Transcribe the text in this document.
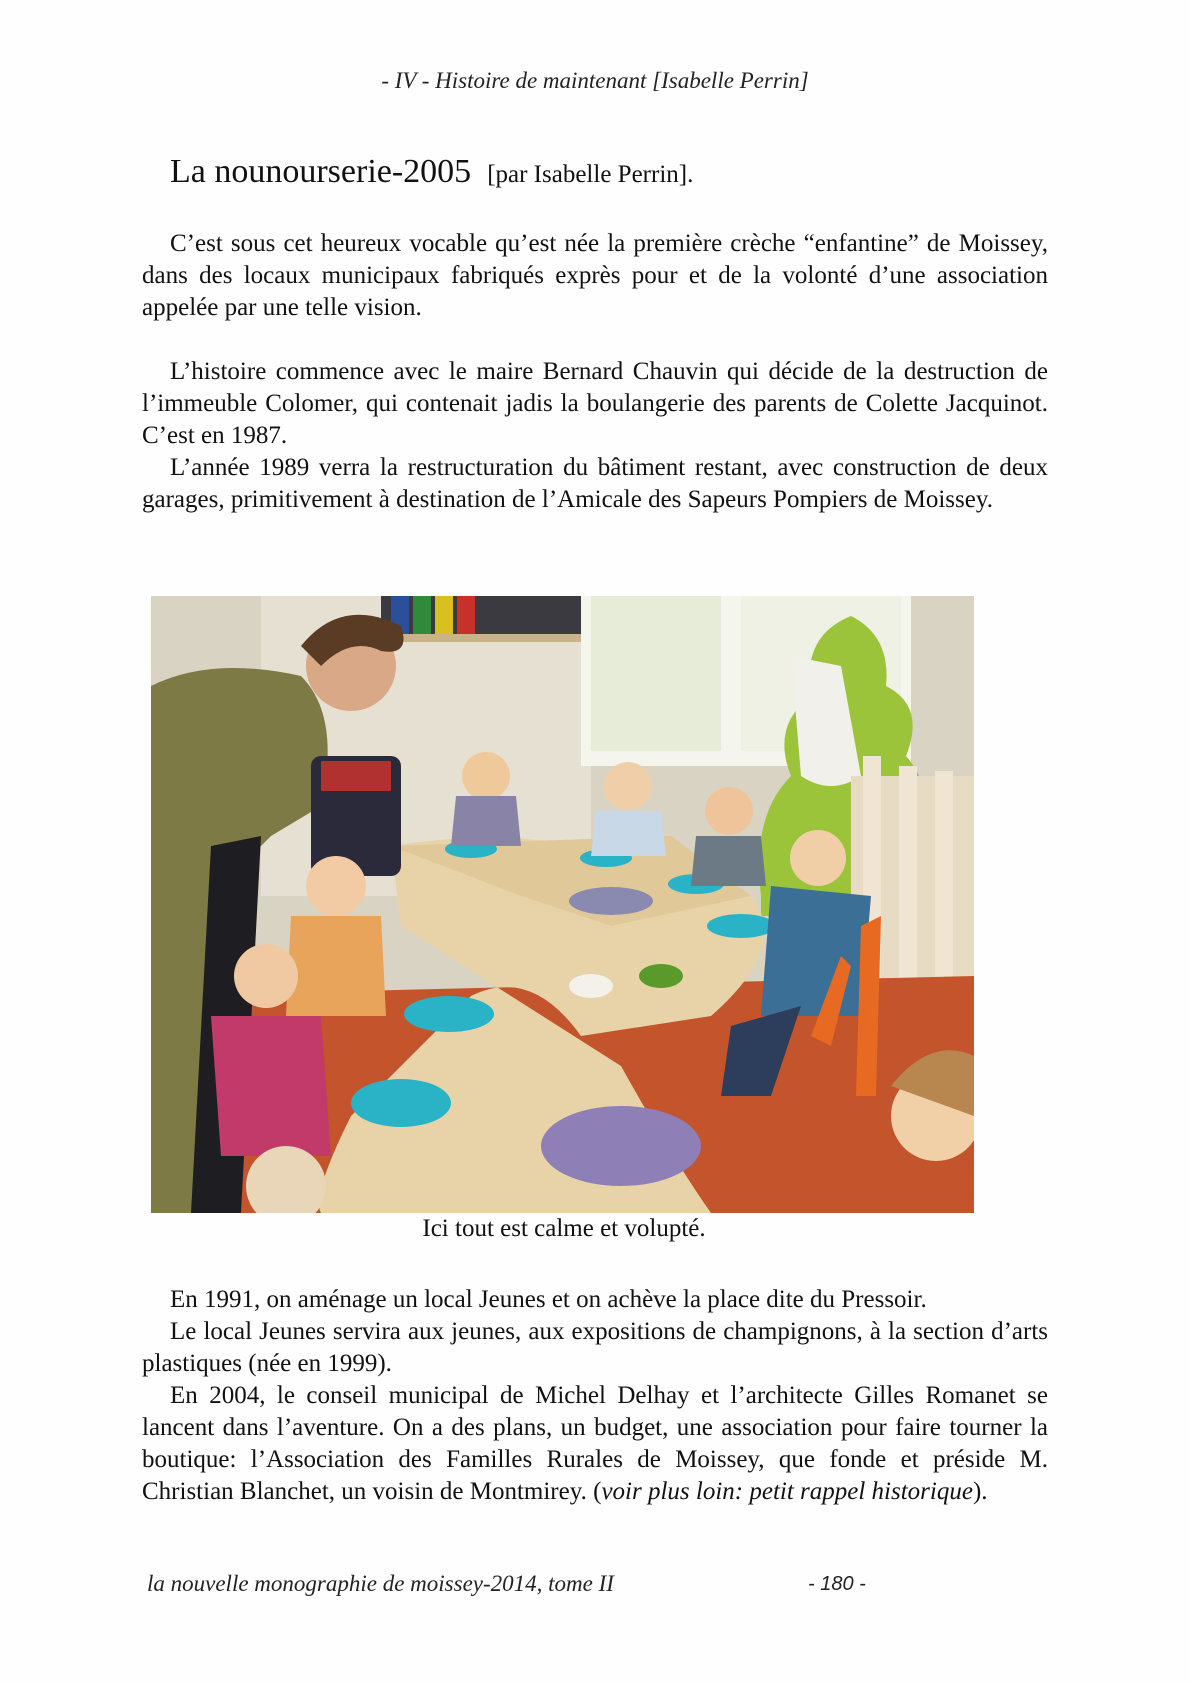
- IV - Histoire de maintenant [Isabelle Perrin]
La nounourserie-2005 [par Isabelle Perrin].

C’est sous cet heureux vocable qu’est née la première crèche “enfantine” de Moissey, dans des locaux municipaux fabriqués exprès pour et de la volonté d’une association appelée par une telle vision.

L’histoire commence avec le maire Bernard Chauvin qui décide de la destruction de l’immeuble Colomer, qui contenait jadis la boulangerie des parents de Colette Jacquinot. C’est en 1987.

L’année 1989 verra la restructuration du bâtiment restant, avec construction de deux garages, primitivement à destination de l’Amicale des Sapeurs Pompiers de Moissey.

Ici tout est calme et volupté.

En 1991, on aménage un local Jeunes et on achève la place dite du Pressoir.

Le local Jeunes servira aux jeunes, aux expositions de champignons, à la section d’arts plastiques (née en 1999).

En 2004, le conseil municipal de Michel Delhay et l’architecte Gilles Romanet se lancent dans l’aventure. On a des plans, un budget, une association pour faire tourner la boutique: l’Association des Familles Rurales de Moissey, que fonde et préside M. Christian Blanchet, un voisin de Montmirey. (voir plus loin: petit rappel historique).

la nouvelle monographie de moissey-2014, tome II	- 180 -
